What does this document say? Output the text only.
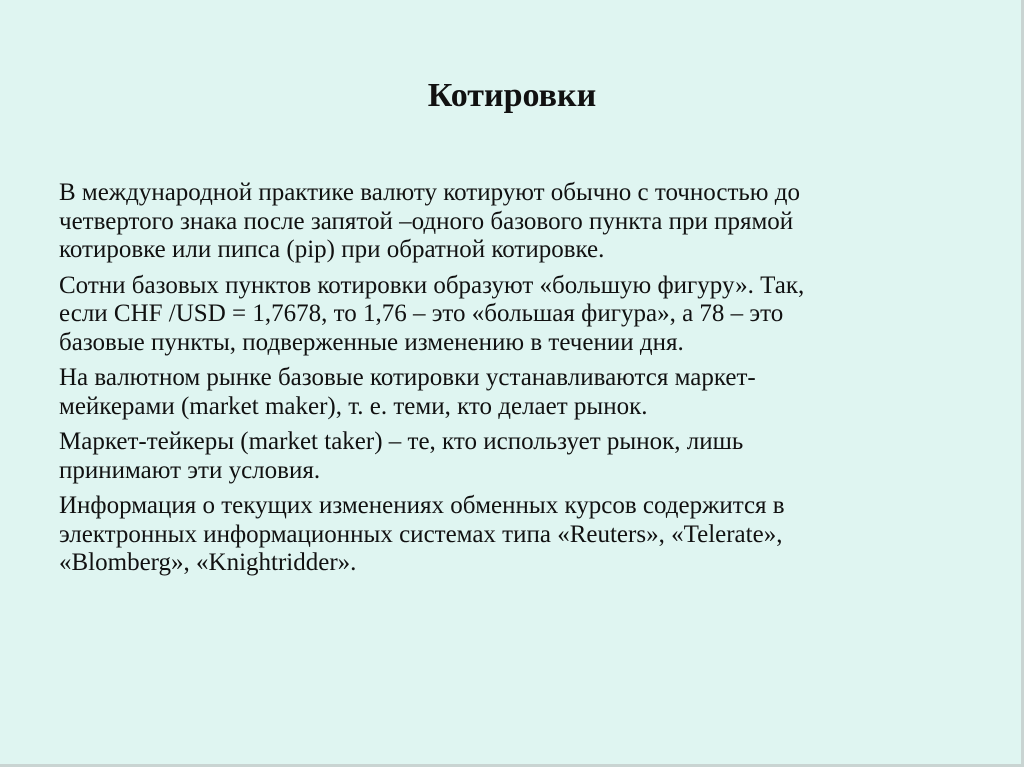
Котировки
В международной практике валюту котируют обычно с точностью до
четвертого знака после запятой –одного базового пункта при прямой
котировке или пипса (pip) при обратной котировке.
Сотни базовых пунктов котировки образуют «большую фигуру». Так,
если CHF /USD = 1,7678, то 1,76 – это «большая фигура», а 78 – это
базовые пункты, подверженные изменению в течении дня.
На валютном рынке базовые котировки устанавливаются маркет-
мейкерами (market maker), т. е. теми, кто делает рынок.
Маркет-тейкеры (market taker) – те, кто использует рынок, лишь
принимают эти условия.
Информация о текущих изменениях обменных курсов содержится в
электронных информационных системах типа «Reuters», «Telerate»,
«Blomberg», «Knightridder».
